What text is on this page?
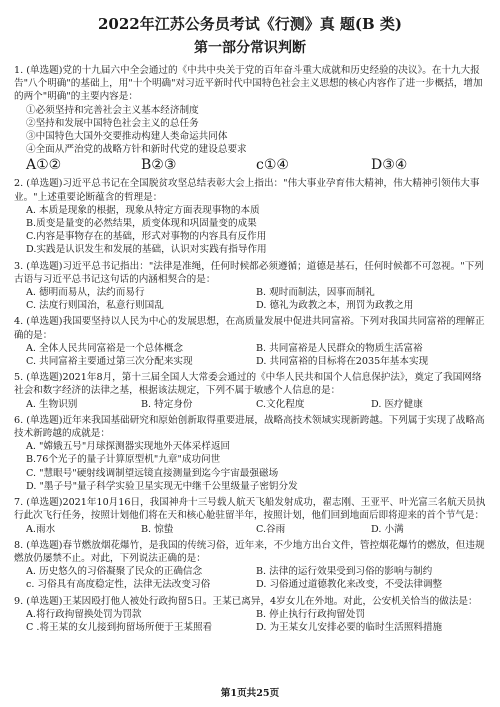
2022年江苏公务员考试《行测》真 题(B 类)
第一部分常识判断
1. (单选题)党的十九届六中全会通过的《中共中央关于党的百年奋斗重大成就和历史经验的决议》。在十九大报告"八个明确"的基础上，用"十个明确"对习近平新时代中国特色社会主义思想的核心内容作了进一步概括，增加的两个"明确"的主要内容是：
①必须坚持和完善社会主义基本经济制度
②坚持和发展中国特色社会主义的总任务
③中国特色大国外交要推动构建人类命运共同体
④全面从严治党的战略方针和新时代党的建设总要求
A①②	B②③	c①④	D③④
2. (单选题)习近平总书记在全国脱贫攻坚总结表彰大会上指出："伟大事业孕育伟大精神，伟大精神引领伟大事业。"上述重要论断蕴含的哲理是：
A. 本质是现象的根据，现象从特定方面表现事物的本质
B.质变是量变的必然结果，质变体现和巩固量变的成果
C.内容是事物存在的基础，形式对事物的内容具有反作用
D.实践是认识发生和发展的基础，认识对实践有指导作用
3. (单选题)习近平总书记指出："法律是准绳，任何时候都必须遵循；道德是基石，任何时候都不可忽视。"下列古语与习近平总书记这句话的内涵相契合的是：
A. 德明而易从，法约而易行	B. 观时而制法，因事而制礼
C. 法度行则国治，私意行则国乱	D. 德礼为政教之本，刑罚为政教之用
4. (单选题)我国要坚持以人民为中心的发展思想，在高质量发展中促进共同富裕。下列对我国共同富裕的理解正确的是：
A. 全体人民共同富裕是一个总体概念	B. 共同富裕是人民群众的物质生活富裕
C. 共同富裕主要通过第三次分配来实现	D. 共同富裕的目标将在2035年基本实现
5. (单选题)2021年8月，第十三届全国人大常委会通过的《中华人民共和国个人信息保护法》，奠定了我国网络社会和数字经济的法律之基，根据该法规定，下列不属于敏感个人信息的是：
A. 生物识别	B. 特定身份	C.文化程度	D. 医疗健康
6. (单选题)近年来我国基础研究和原始创新取得重要进展，战略高技术领域实现新跨越。下列属于实现了战略高技术新跨越的成就是：
A. "嫦娥五号"月球探测器实现地外天体采样返回
B.76个光子的量子计算原型机"九章"成功问世
C. "慧眼号"硬射线调制望远镜直接测量到迄今宇宙最强磁场
D. "墨子号"量子科学实验卫星实现无中继千公里级量子密钥分发
7. (单选题)2021年10月16日，我国神舟十三号载人航天飞船发射成功，翟志刚、王亚平、叶光富三名航天员执行此次飞行任务，按照计划他们将在天和核心舱驻留半年，按照计划，他们回到地面后即将迎来的首个节气是：
A.雨水	B. 惊蛰	C.谷雨	D. 小满
8. (单选题)春节燃放烟花爆竹，是我国的传统习俗，近年来，不少地方出台文件，管控烟花爆竹的燃放，但违规燃放仍屡禁不止。对此，下列说法正确的是：
A. 历史悠久的习俗凝聚了民众的正确信念	B. 法律的运行效果受到习俗的影响与制约
c. 习俗具有高度稳定性，法律无法改变习俗	D. 习俗通过道德教化来改变，不受法律调整
9. (单选题)王某因殴打他人被处行政拘留5日。王某已离异，4岁女儿在外地。对此，公安机关恰当的做法是：
A.将行政拘留换处罚为罚款	B. 停止执行行政拘留处罚
C .将王某的女儿接到拘留场所便于王某照看	D. 为王某女儿安排必要的临时生活照料措施
第1页共25页
